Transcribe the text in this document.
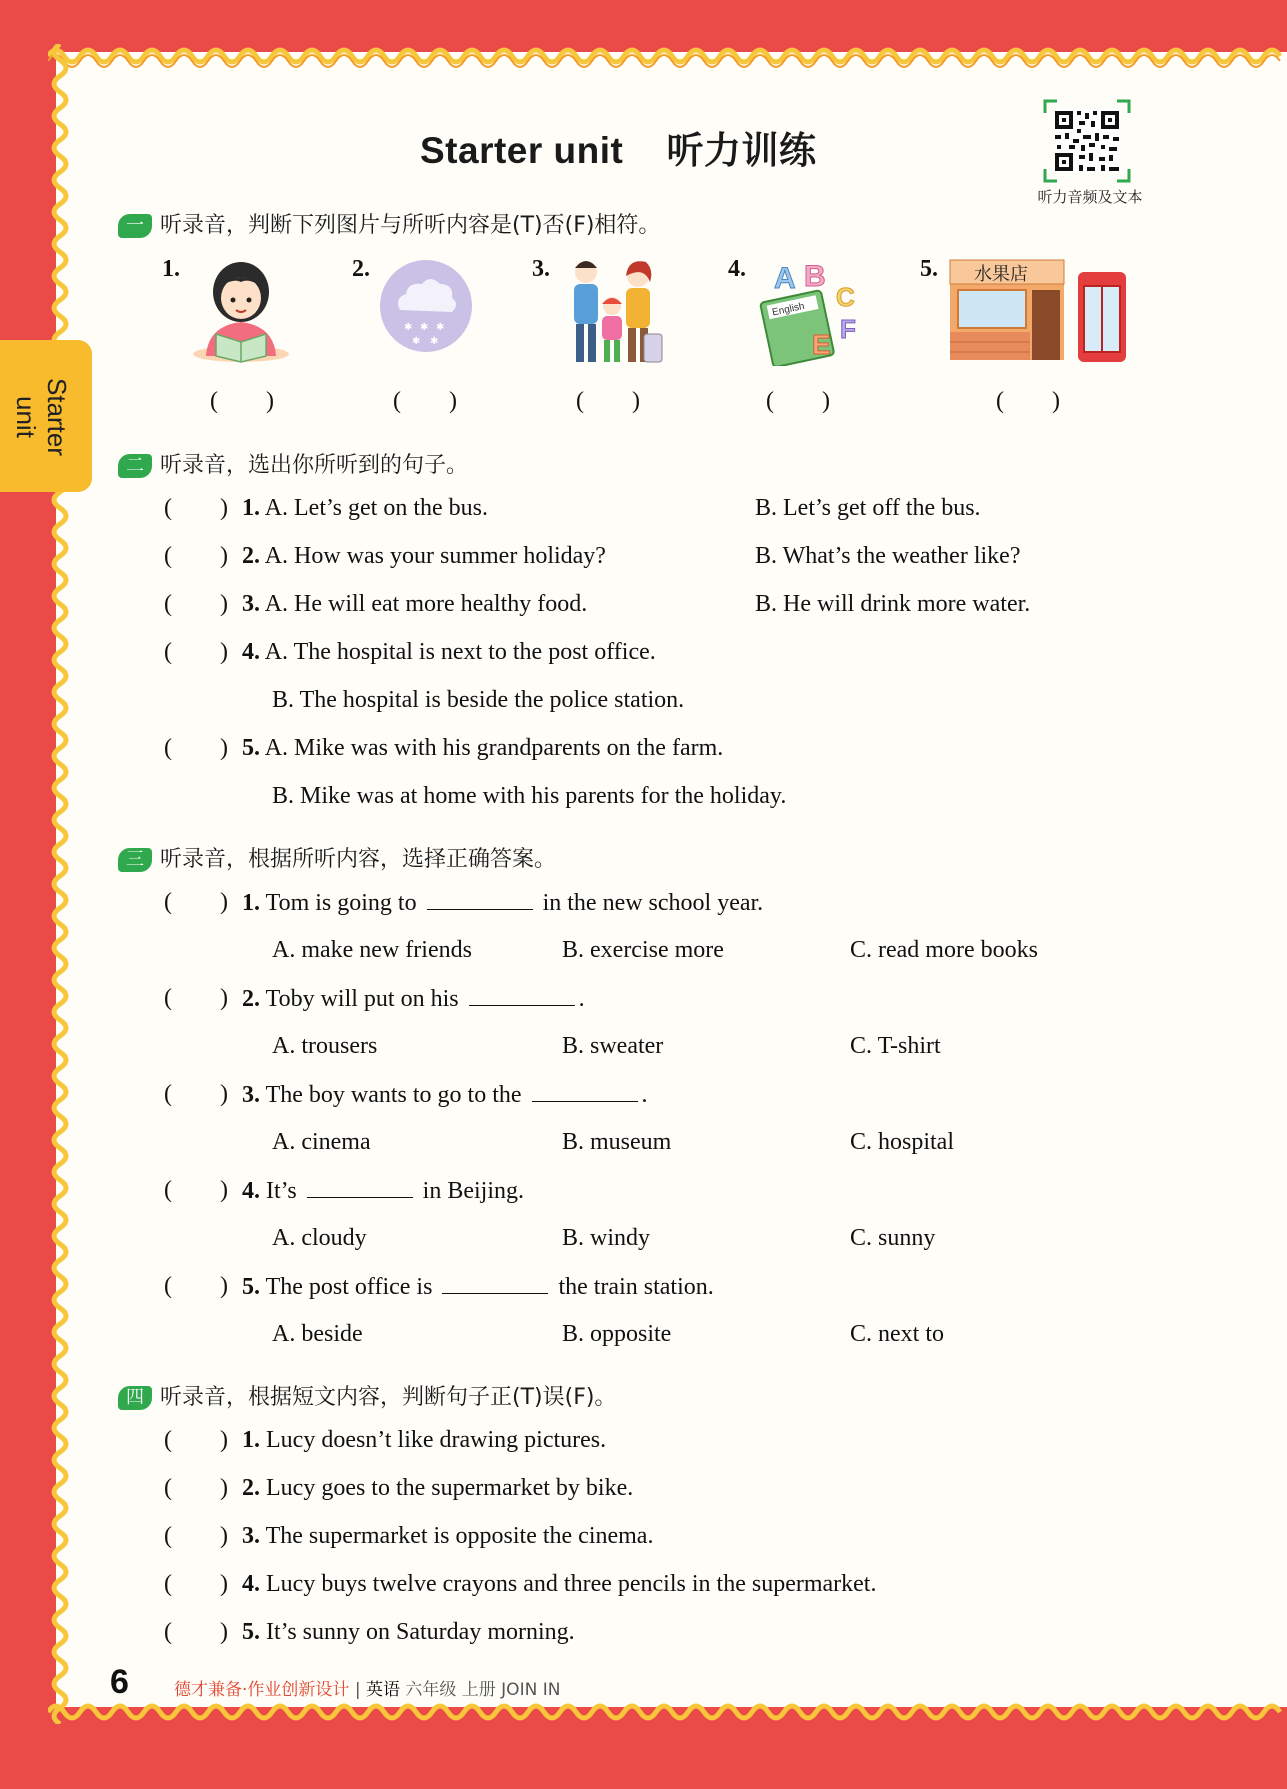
Starter unit
Starter unit    听力训练
听力音频及文本
一 听录音，判断下列图片与所听内容是(T)否(F)相符。
1.	2.	3.	4.	5.
✱ ✱ ✱
✱ ✱
English
A B
C
E F
水果店
(        )	(        )	(        )	(        )	(        )
二 听录音，选出你所听到的句子。
(        ) 1. A. Let’s get on the bus.	B. Let’s get off the bus.
(        ) 2. A. How was your summer holiday?	B. What’s the weather like?
(        ) 3. A. He will eat more healthy food.	B. He will drink more water.
(        ) 4. A. The hospital is next to the post office.
B. The hospital is beside the police station.
(        ) 5. A. Mike was with his grandparents on the farm.
B. Mike was at home with his parents for the holiday.
三 听录音，根据所听内容，选择正确答案。
(        ) 1. Tom is going to	in the new school year.
A. make new friends	B. exercise more	C. read more books
(        ) 2. Toby will put on his	.
A. trousers	B. sweater	C. T-shirt
(        ) 3. The boy wants to go to the	.
A. cinema	B. museum	C. hospital
(        ) 4. It’s	in Beijing.
A. cloudy	B. windy	C. sunny
(        ) 5. The post office is	the train station.
A. beside	B. opposite	C. next to
四 听录音，根据短文内容，判断句子正(T)误(F)。
(        ) 1. Lucy doesn’t like drawing pictures.
(        ) 2. Lucy goes to the supermarket by bike.
(        ) 3. The supermarket is opposite the cinema.
(        ) 4. Lucy buys twelve crayons and three pencils in the supermarket.
(        ) 5. It’s sunny on Saturday morning.
6	德才兼备·作业创新设计 | 英语 六年级 上册 JOIN IN
